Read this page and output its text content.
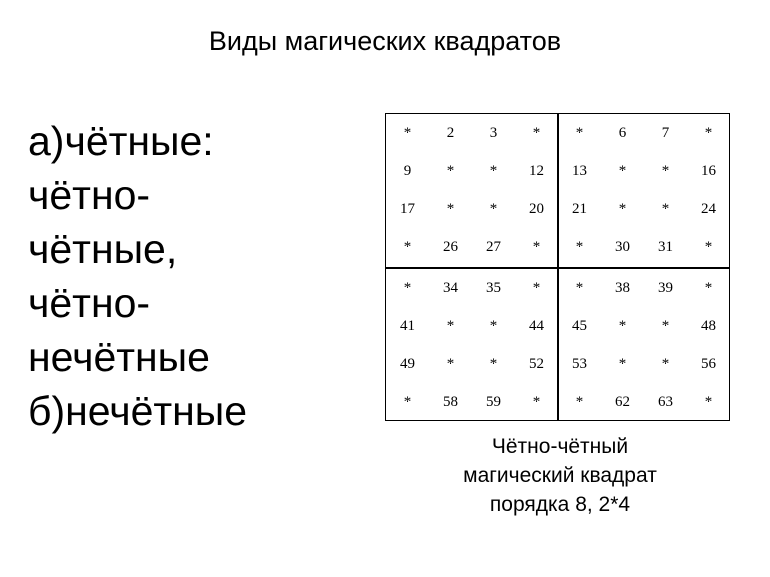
Виды магических квадратов
а)чётные:
чётно-
чётные,
чётно-
нечётные
б)нечётные
*	2	3	*	*	6	7	*
9	*	*	12	13	*	*	16
17	*	*	20	21	*	*	24
*	26	27	*	*	30	31	*
*	34	35	*	*	38	39	*
41	*	*	44	45	*	*	48
49	*	*	52	53	*	*	56
*	58	59	*	*	62	63	*
Чётно-чётный
магический квадрат
порядка 8, 2*4
